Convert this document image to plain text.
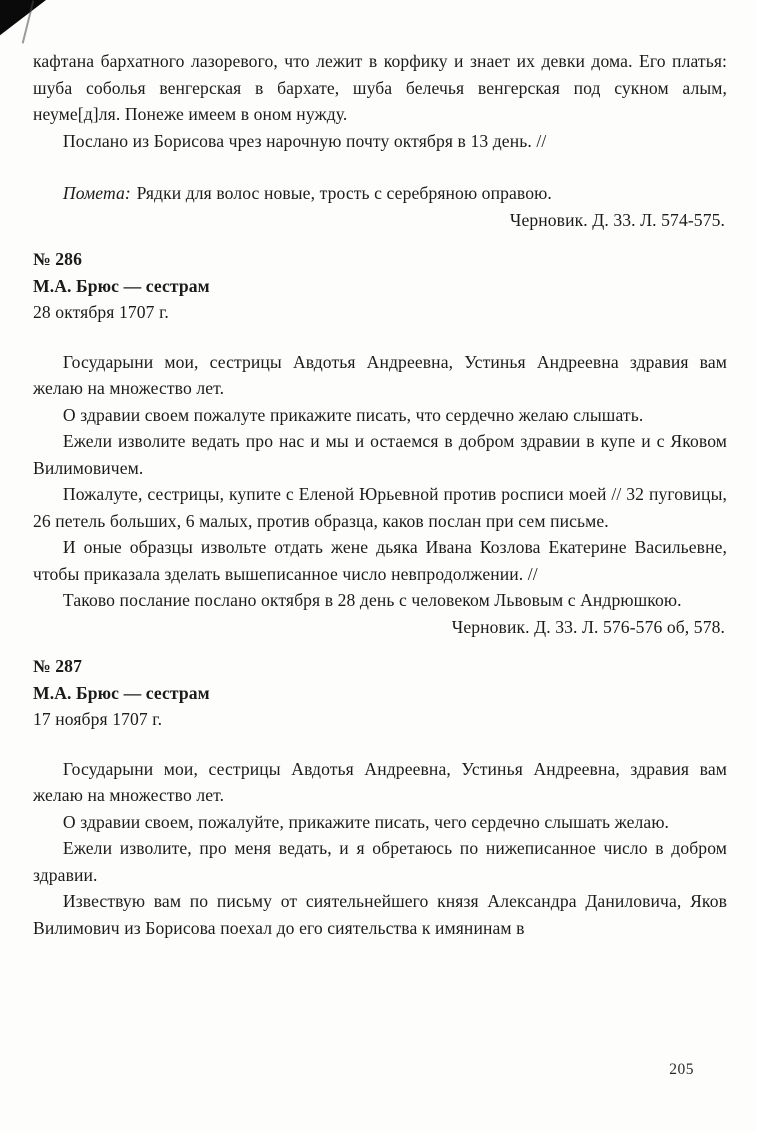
кафтана бархатного лазоревого, что лежит в корфику и знает их девки дома. Его платья: шуба соболья венгерская в бархате, шуба белечья венгерская под сукном алым, неуме[д]ля. Понеже имеем в оном нужду.

Послано из Борисова чрез нарочную почту октября в 13 день. //

Помета: Рядки для волос новые, трость с серебряною оправою.

Черновик. Д. 33. Л. 574-575.

№ 286
М.А. Брюс — сестрам
28 октября 1707 г.

Государыни мои, сестрицы Авдотья Андреевна, Устинья Андреевна здравия вам желаю на множество лет.

О здравии своем пожалуте прикажите писать, что сердечно желаю слышать.

Ежели изволите ведать про нас и мы и остаемся в добром здравии в купе и с Яковом Вилимовичем.

Пожалуте, сестрицы, купите с Еленой Юрьевной против росписи моей // 32 пуговицы, 26 петель больших, 6 малых, против образца, каков послан при сем письме.

И оные образцы извольте отдать жене дьяка Ивана Козлова Екатерине Васильевне, чтобы приказала зделать вышеписанное число невпродолжении. //

Таково послание послано октября в 28 день с человеком Львовым с Андрюшкою.

Черновик. Д. 33. Л. 576-576 об, 578.

№ 287
М.А. Брюс — сестрам
17 ноября 1707 г.

Государыни мои, сестрицы Авдотья Андреевна, Устинья Андреевна, здравия вам желаю на множество лет.

О здравии своем, пожалуйте, прикажите писать, чего сердечно слышать желаю.

Ежели изволите, про меня ведать, и я обретаюсь по нижеписанное число в добром здравии.

Извествую вам по письму от сиятельнейшего князя Александра Даниловича, Яков Вилимович из Борисова поехал до его сиятельства к имянинам в

205
